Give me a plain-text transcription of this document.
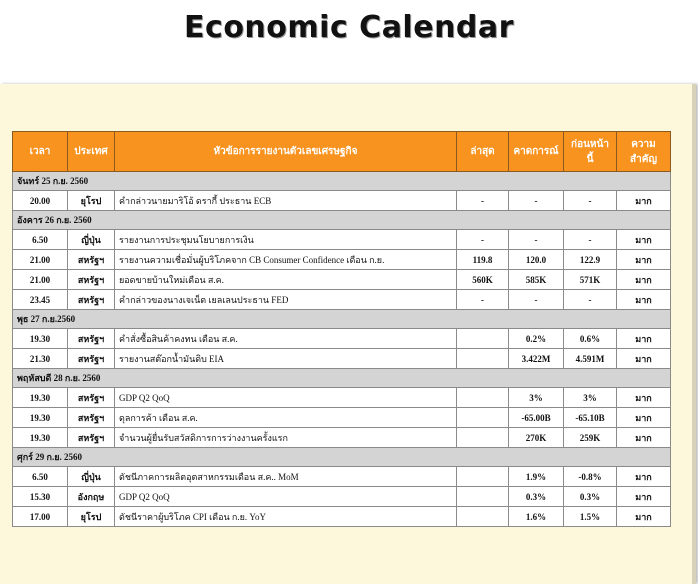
Economic Calendar
เวลา	ประเทศ	หัวข้อการรายงานตัวเลขเศรษฐกิจ	ล่าสุด	คาดการณ์	ก่อนหน้านี้	ความสำคัญ
จันทร์ 25 ก.ย. 2560						
20.00	ยุโรป	คำกล่าวนายมาริโอ้ ดรากี้ ประธาน ECB	-	-	-	มาก
อังคาร 26 ก.ย. 2560						
6.50	ญี่ปุ่น	รายงานการประชุมนโยบายการเงิน	-	-	-	มาก
21.00	สหรัฐฯ	รายงานความเชื่อมั่นผู้บริโภคจาก CB Consumer Confidence เดือน ก.ย.	119.8	120.0	122.9	มาก
21.00	สหรัฐฯ	ยอดขายบ้านใหม่เดือน ส.ค.	560K	585K	571K	มาก
23.45	สหรัฐฯ	คำกล่าวของนางเจเน็ต เยลเลนประธาน FED	-	-	-	มาก
พุธ 27 ก.ย.2560						
19.30	สหรัฐฯ	คำสั่งซื้อสินค้าคงทน เดือน ส.ค.		0.2%	0.6%	มาก
21.30	สหรัฐฯ	รายงานสต๊อกน้ำมันดิบ EIA		3.422M	4.591M	มาก
พฤหัสบดี 28 ก.ย. 2560						
19.30	สหรัฐฯ	GDP Q2 QoQ		3%	3%	มาก
19.30	สหรัฐฯ	ดุลการค้า เดือน ส.ค.		-65.00B	-65.10B	มาก
19.30	สหรัฐฯ	จำนวนผู้ยื่นรับสวัสดิการการว่างงานครั้งแรก		270K	259K	มาก
ศุกร์ 29 ก.ย. 2560						
6.50	ญี่ปุ่น	ดัชนีภาคการผลิตอุตสาหกรรมเดือน ส.ค.. MoM		1.9%	-0.8%	มาก
15.30	อังกฤษ	GDP Q2 QoQ		0.3%	0.3%	มาก
17.00	ยุโรป	ดัชนีราคาผู้บริโภค CPI เดือน ก.ย. YoY		1.6%	1.5%	มาก
